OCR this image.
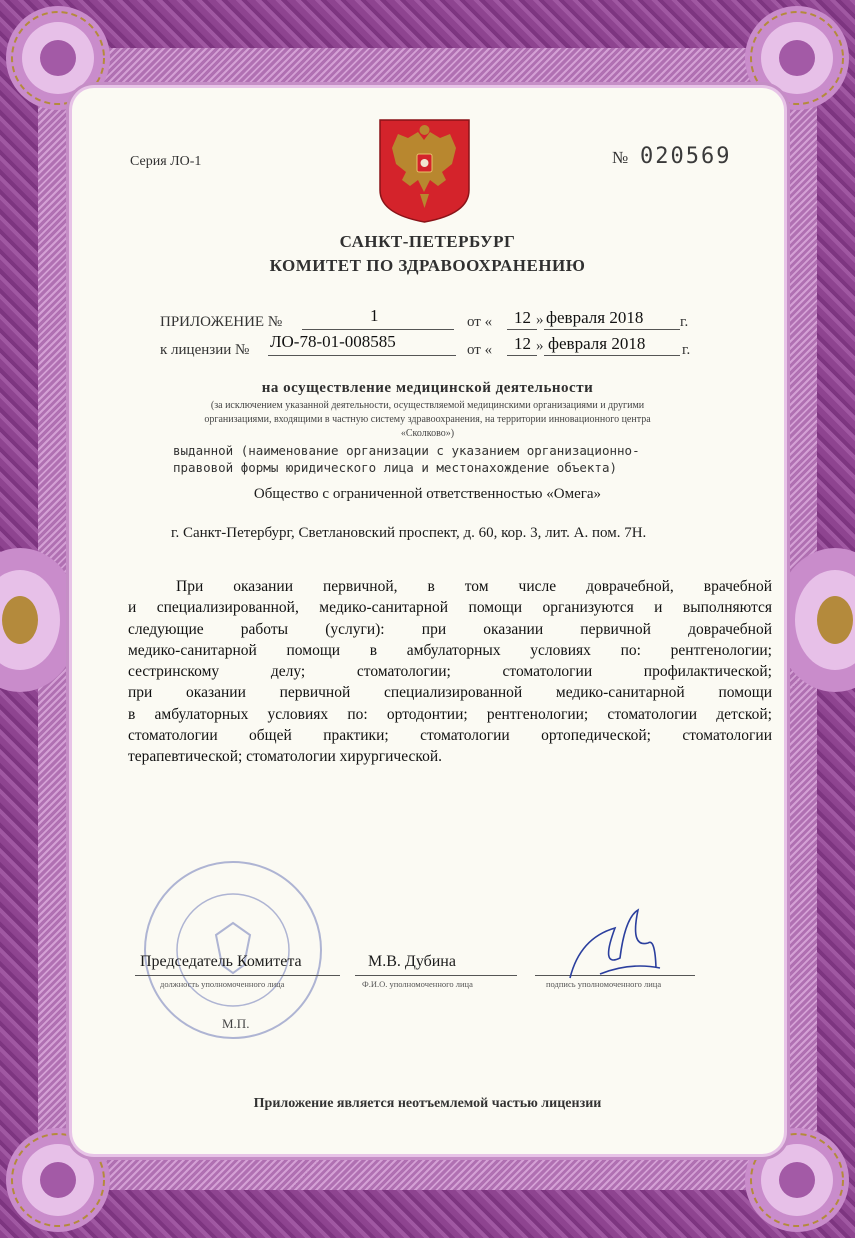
Серия ЛО-1	№ 020569
САНКТ-ПЕТЕРБУРГ
КОМИТЕТ ПО ЗДРАВООХРАНЕНИЮ
ПРИЛОЖЕНИЕ №	1	от « 12 » февраля 2018 г.
к лицензии № ЛО-78-01-008585	от « 12 » февраля 2018 г.
на осуществление медицинской деятельности
(за исключением указанной деятельности, осуществляемой медицинскими организациями и другими
организациями, входящими в частную систему здравоохранения, на территории инновационного центра
«Сколково»)
выданной (наименование организации с указанием организационно-
правовой формы юридического лица и местонахождение объекта)
Общество с ограниченной ответственностью «Омега»
г. Санкт-Петербург, Светлановский проспект, д. 60, кор. 3, лит. А. пом. 7Н.

При оказании первичной, в том числе доврачебной, врачебной

и специализированной, медико-санитарной помощи организуются и выполняются

следующие работы (услуги): при оказании первичной доврачебной

медико-санитарной помощи в амбулаторных условиях по: рентгенологии;

сестринскому делу; стоматологии; стоматологии профилактической;

при оказании первичной специализированной медико-санитарной помощи

в амбулаторных условиях по: ортодонтии; рентгенологии; стоматологии детской;

стоматологии общей практики; стоматологии ортопедической; стоматологии

терапевтической; стоматологии хирургической.

Председатель Комитета
должность уполномоченного лица
М.В. Дубина
Ф.И.О. уполномоченного лица	подпись уполномоченного лица
М.П.
Приложение является неотъемлемой частью лицензии
